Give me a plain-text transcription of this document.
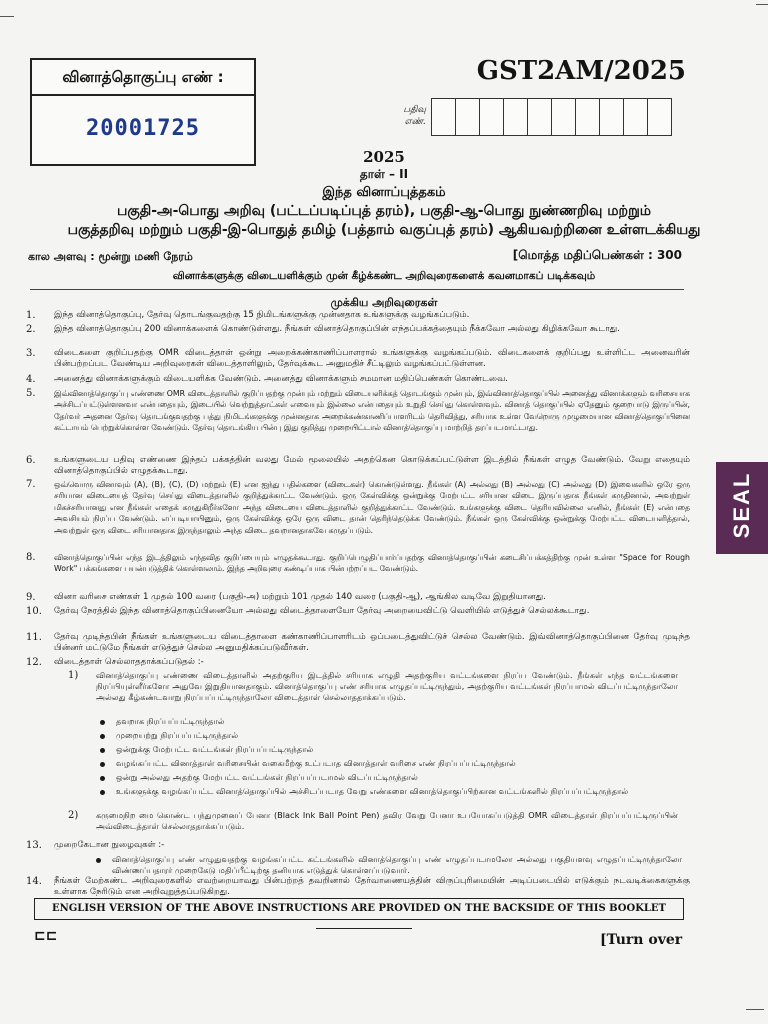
வினாத்தொகுப்பு எண் :
20001725
GST2AM/2025
பதிவு
எண்.
2025
தாள் – II
இந்த வினாப்புத்தகம்
பகுதி-அ-பொது அறிவு (பட்டப்படிப்புத் தரம்), பகுதி-ஆ-பொது நுண்ணறிவு மற்றும்
பகுத்தறிவு மற்றும் பகுதி-இ-பொதுத் தமிழ் (பத்தாம் வகுப்புத் தரம்) ஆகியவற்றினை உள்ளடக்கியது
கால அளவு : மூன்று மணி நேரம்	[மொத்த மதிப்பெண்கள் : 300
வினாக்களுக்கு விடையளிக்கும் முன் கீழ்க்கண்ட அறிவுரைகளைக் கவனமாகப் படிக்கவும்
முக்கிய அறிவுரைகள்
1.	இந்த வினாத்தொகுப்பு, தேர்வு தொடங்குவதற்கு 15 நிமிடங்களுக்கு முன்னதாக உங்களுக்கு வழங்கப்படும்.
2.	இந்த வினாத்தொகுப்பு 200 வினாக்களைக் கொண்டுள்ளது. நீங்கள் வினாத்தொகுப்பின் எந்தப்பக்கத்தையும் நீக்கவோ அல்லது கிழிக்கவோ கூடாது.
3.	விடைகளை குறிப்பதற்கு OMR விடைத்தாள் ஒன்று அறைக்கண்காணிப்பாளரால் உங்களுக்கு வழங்கப்படும். விடைகளைக் குறிப்பது உள்ளிட்ட அனைவரின் பின்பற்றப்பட வேண்டிய அறிவுரைகள் விடைத்தாளிலும், தேர்வுக்கூட அனுமதிச் சீட்டிலும் வழங்கப்பட்டுள்ளன.
4.	அனைத்து வினாக்களுக்கும் விடையளிக்க வேண்டும். அனைத்து வினாக்களும் சமமான மதிப்பெண்கள் கொண்டவை.
5.	இவ்வினாத்தொகுப்பு எண்ணை OMR விடைத்தாளில் குறிப்பதற்கு முன்பும் மற்றும் விடையளிக்கத் தொடங்கும் முன்பும், இவ்வினாத்தொகுப்பில் அனைத்து வினாக்களும் வரிசையாக அச்சிடப்பட்டுள்ளனவா என்பதையும், இடையில் வெற்றுத்தாட்கள் எவையும் இல்லை என்பதையும் உறுதி செய்து கொள்ளவும். வினாத் தொகுப்பில் ஏதேனும் குறைபாடு இருப்பின், தேர்வர் அதனை தேர்வு தொடங்குவதற்கு பத்து நிமிடங்களுக்கு முன்னதாக அறைக்கண்காணிப்பாளரிடம் தெரிவித்து, சரியாக உள்ள வேறொரு முழுமையான வினாத்தொகுப்பினை கட்டாயம் பெற்றுக்கொள்ள வேண்டும். தேர்வு தொடங்கிய பின்பு இது குறித்து முறையிட்டால் வினாத்தொகுப்பு மாற்றித் தரப்படமாட்டாது.
6.	உங்களுடைய பதிவு எண்ணை இந்தப் பக்கத்தின் வலது மேல் மூலையில் அதற்கென கொடுக்கப்பட்டுள்ள இடத்தில் நீங்கள் எழுத வேண்டும். வேறு எதையும் வினாத்தொகுப்பில் எழுதக்கூடாது.
7.	ஒவ்வொரு வினாவும் (A), (B), (C), (D) மற்றும் (E) என ஐந்து பதில்களை (விடைகள்) கொண்டுள்ளது. நீங்கள் (A) அல்லது (B) அல்லது (C) அல்லது (D) இவைகளில் ஒரே ஒரு சரியான விடையைத் தேர்வு செய்து விடைத்தாளில் குறித்துக்காட்ட வேண்டும். ஒரு கேள்விக்கு ஒன்றுக்கு மேற்பட்ட சரியான விடை இருப்பதாக நீங்கள் கருதினால், அவற்றுள் மிகச்சரியானது என நீங்கள் எதைக் கருதுகிறீர்களோ அந்த விடையை விடைத்தாளில் குறித்துக்காட்ட வேண்டும். உங்களுக்கு விடை தெரியவில்லை எனில், நீங்கள் (E) என்பதை அவசியம் நிரப்ப வேண்டும். எப்படியாயினும், ஒரு கேள்விக்கு ஒரே ஒரு விடை தான் தெரிந்தெடுக்க வேண்டும். நீங்கள் ஒரு கேள்விக்கு ஒன்றுக்கு மேற்பட்ட விடையளித்தால், அவற்றுள் ஒரு விடை சரியானதாக இருந்தாலும் அந்த விடை தவறானதாகவே கருதப்படும்.
8.	வினாத்தொகுப்பின் எந்த இடத்திலும் எந்தவித குறிப்பையும் எழுதக்கூடாது. குறிப்பெழுதிப்பார்ப்பதற்கு வினாத்தொகுப்பின் கடைசிப்பக்கத்திற்கு முன் உள்ள "Space for Rough Work" பக்கங்களை பயன்படுத்திக் கொள்ளலாம். இந்த அறிவுரை கண்டிப்பாக பின்பற்றப்பட வேண்டும்.
9.	வினா வரிசை எண்கள் 1 முதல் 100 வரை (பகுதி-அ) மற்றும் 101 முதல் 140 வரை (பகுதி-ஆ), ஆங்கில வடிவே இறுதியானது.
10.	தேர்வு நேரத்தில் இந்த வினாத்தொகுப்பினையோ அல்லது விடைத்தாளையோ தேர்வு அறையைவிட்டு வெளியில் எடுத்துச் செல்லக்கூடாது.
11.	தேர்வு முடிந்தபின் நீங்கள் உங்களுடைய விடைத்தாளை கண்காணிப்பாளரிடம் ஒப்படைத்துவிட்டுச் செல்ல வேண்டும். இவ்வினாத்தொகுப்பினை தேர்வு முடிந்த பின்னர் மட்டுமே நீங்கள் எடுத்துச் செல்ல அனுமதிக்கப்படுவீர்கள்.
12.	விடைத்தாள் செல்லாததாக்கப்படுதல் :-
1) வினாத்தொகுப்பு எண்ணை விடைத்தாளில் அதற்குரிய இடத்தில் சரியாக எழுதி அதற்குரிய வட்டங்களை நிரப்ப வேண்டும். நீங்கள் எந்த வட்டங்களை நிரப்பியுள்ளீர்களோ அதுவே இறுதியானதாகும். வினாத்தொகுப்பு எண் சரியாக எழுதப்பட்டிருந்தும், அதற்குரிய வட்டங்கள் நிரப்பாமல் விடப்பட்டிருந்தாலோ அல்லது கீழ்கண்டவாறு நிரப்பப்பட்டிருந்தாலோ விடைத்தாள் செல்லாததாக்கப்படும்.
தவறாக நிரப்பப்பட்டிருந்தால்
முறையற்று நிரப்பப்பட்டிருந்தால்
ஒன்றுக்கு மேற்பட்ட வட்டங்கள் நிரப்பப்பட்டிருந்தால்
வழங்கப்பட்ட வினாத்தாள் வரிசையின் வகைமீற்கு உட்படாத வினாத்தாள் வரிசை எண் நிரப்பப்பட்டிருந்தால்
ஒன்று அல்லது அதற்கு மேற்பட்ட வட்டங்கள் நிரப்பப்படாமல் விடப்பட்டிருந்தால்
உங்களுக்கு வழங்கப்பட்ட வினாத்தொகுப்பில் அச்சிடப்படாத வேறு எண்களை வினாத்தொகுப்பிற்கான வட்டங்களில் நிரப்பப்பட்டிருந்தால்
2) கருமைநிற மை கொண்ட பந்துமுனைப் பேனா (Black Ink Ball Point Pen) தவிர வேறு பேனா உபயோகப்படுத்தி OMR விடைத்தாள் நிரப்பப்பட்டிருப்பின் அவ்விடைத்தாள் செல்லாததாக்கப்படும்.
13.	முறைகேடான நுழைவுகள் :-
வினாத்தொகுப்பு எண் எழுதுவதற்கு வழங்கப்பட்ட கட்டங்களில் வினாத்தொகுப்பு எண் எழுதப்படாமலோ அல்லது பகுதியளவு எழுதப்பட்டிருந்தாலோ விண்ணப்பதாரர் முறைகேடு மதிப்பீட்டிற்கு தனியாக எடுத்துக் கொள்ளப்படுவார்.
14.	நீங்கள் மேற்கண்ட அறிவுரைகளில் எவற்றையாவது பின்பற்றத் தவறினால் தேர்வாணையத்தின் விருப்புரிமையின் அடிப்படையில் எடுக்கும் நடவடிக்கைகளுக்கு உள்ளாக நேரிடும் என அறிவுறுத்தப்படுகிறது.
ENGLISH VERSION OF THE ABOVE INSTRUCTIONS ARE PROVIDED ON THE BACKSIDE OF THIS BOOKLET
⊏⊏	[Turn over
SEAL
